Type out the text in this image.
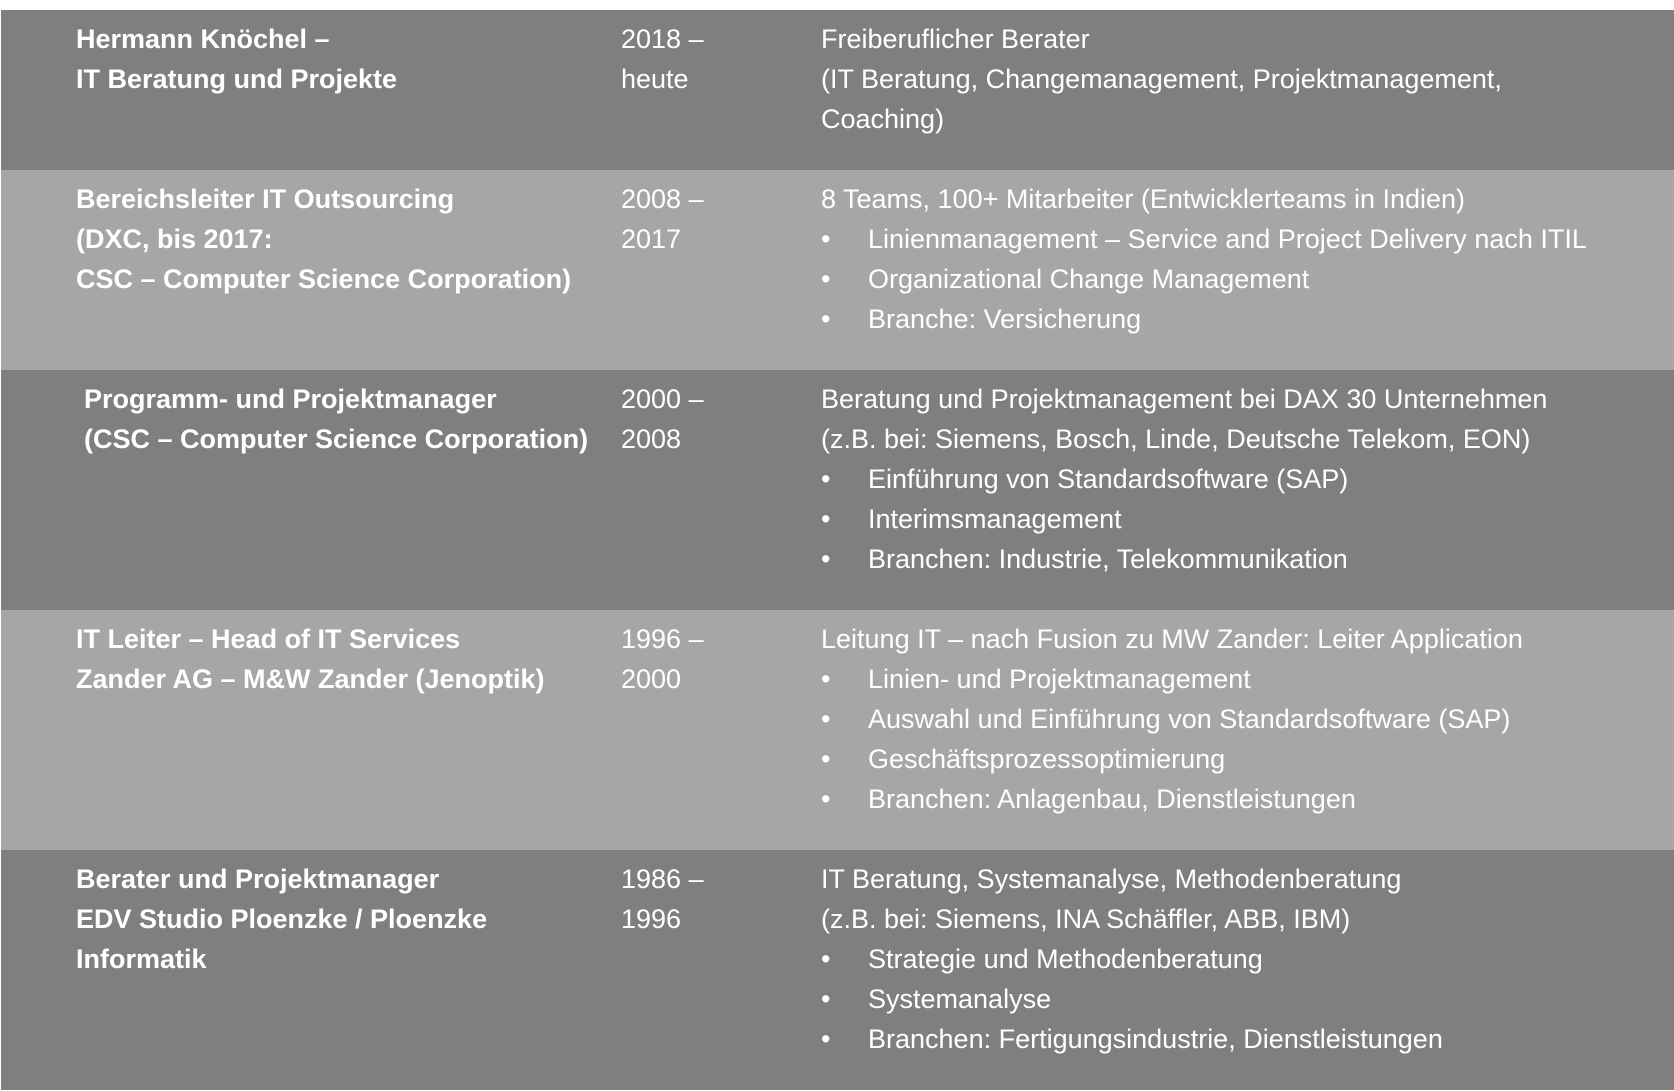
Hermann Knöchel –
IT Beratung und Projekte
2018 –
heute
Freiberuflicher Berater
(IT Beratung, Changemanagement, Projektmanagement,
Coaching)
Bereichsleiter IT Outsourcing
(DXC, bis 2017:
CSC – Computer Science Corporation)
2008 –
2017
8 Teams, 100+ Mitarbeiter (Entwicklerteams in Indien)
• Linienmanagement – Service and Project Delivery nach ITIL
• Organizational Change Management
• Branche: Versicherung
Programm- und Projektmanager
(CSC – Computer Science Corporation)
2000 –
2008
Beratung und Projektmanagement bei DAX 30 Unternehmen
(z.B. bei: Siemens, Bosch, Linde, Deutsche Telekom, EON)
• Einführung von Standardsoftware (SAP)
• Interimsmanagement
• Branchen: Industrie, Telekommunikation
IT Leiter – Head of IT Services
Zander AG – M&W Zander (Jenoptik)
1996 –
2000
Leitung IT – nach Fusion zu MW Zander: Leiter Application
• Linien- und Projektmanagement
• Auswahl und Einführung von Standardsoftware (SAP)
• Geschäftsprozessoptimierung
• Branchen: Anlagenbau, Dienstleistungen
Berater und Projektmanager
EDV Studio Ploenzke / Ploenzke
Informatik
1986 –
1996
IT Beratung, Systemanalyse, Methodenberatung
(z.B. bei: Siemens, INA Schäffler, ABB, IBM)
• Strategie und Methodenberatung
• Systemanalyse
• Branchen: Fertigungsindustrie, Dienstleistungen
